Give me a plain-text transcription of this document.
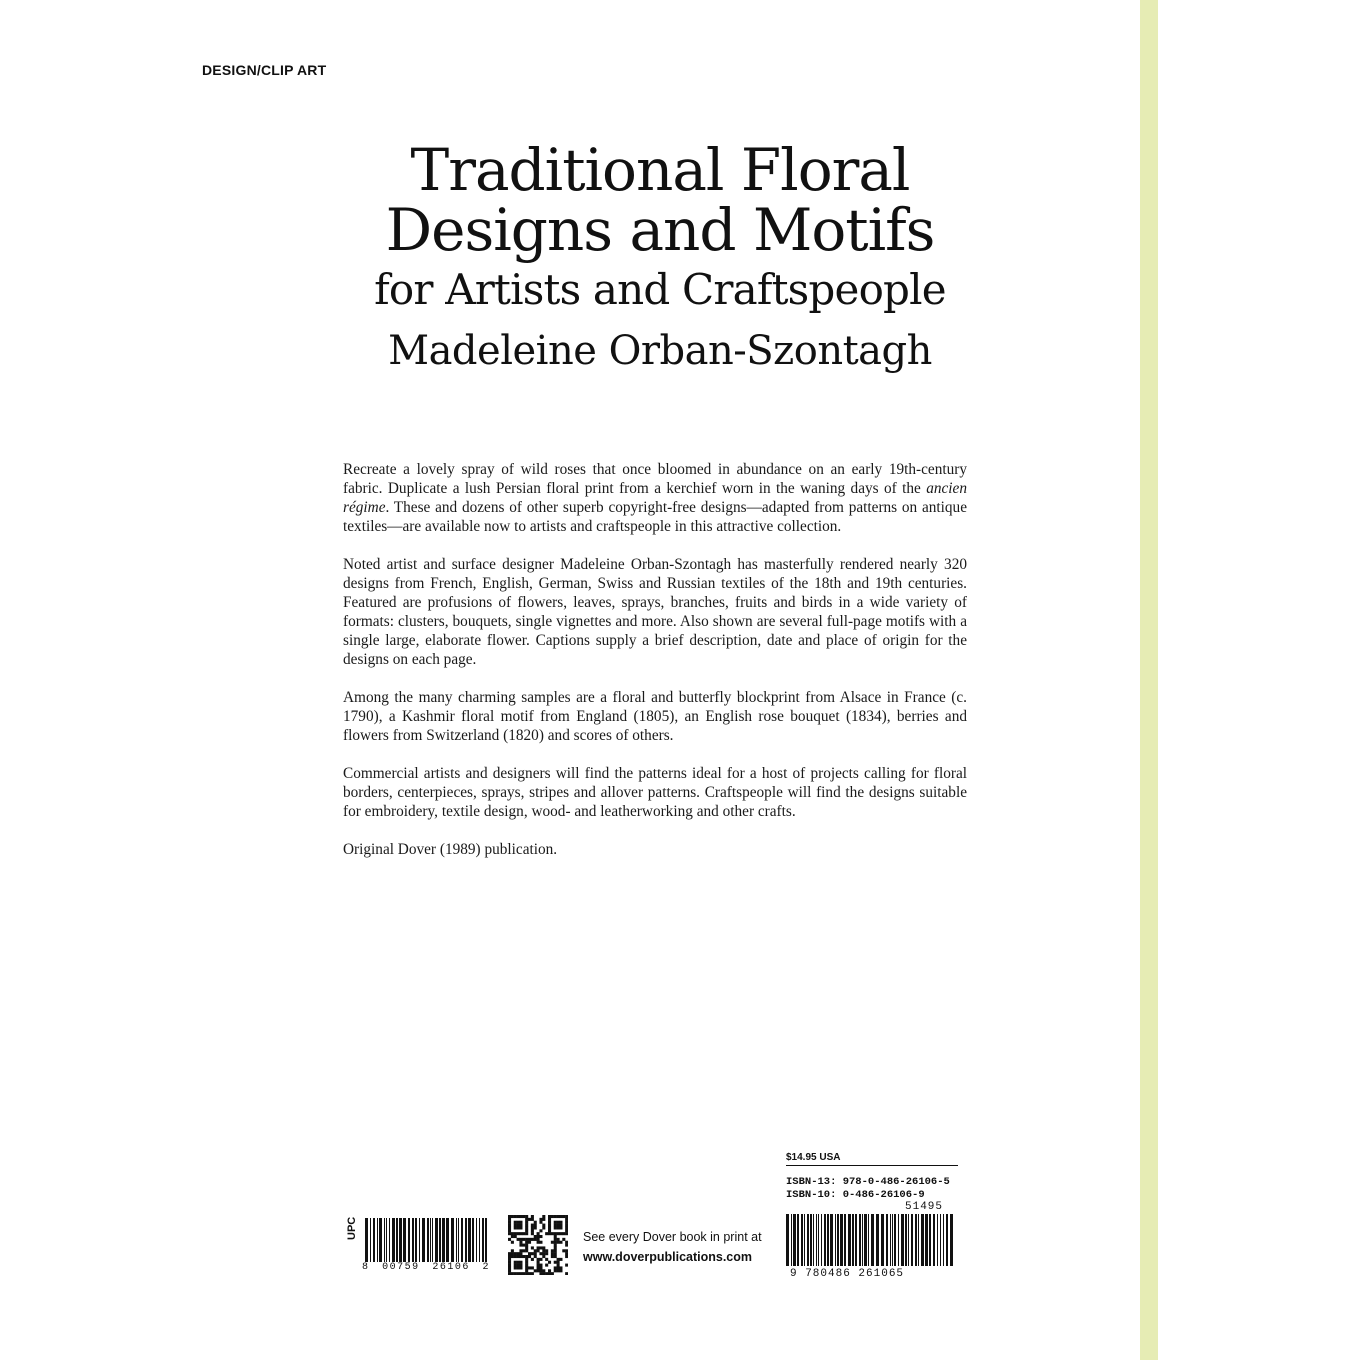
DESIGN/CLIP ART
Traditional Floral
Designs and Motifs
for Artists and Craftspeople
Madeleine Orban-Szontagh

Recreate a lovely spray of wild roses that once bloomed in abundance on an early 19th-century fabric. Duplicate a lush Persian floral print from a kerchief worn in the waning days of the ancien régime. These and dozens of other superb copyright-free designs—adapted from patterns on antique textiles—are available now to artists and craftspeople in this attractive collection.

Noted artist and surface designer Madeleine Orban-Szontagh has masterfully rendered nearly 320 designs from French, English, German, Swiss and Russian textiles of the 18th and 19th centuries. Featured are profusions of flowers, leaves, sprays, branches, fruits and birds in a wide variety of formats: clusters, bouquets, single vignettes and more. Also shown are several full-page motifs with a single large, elaborate flower. Captions supply a brief description, date and place of origin for the designs on each page.

Among the many charming samples are a floral and butterfly blockprint from Alsace in France (c. 1790), a Kashmir floral motif from England (1805), an English rose bouquet (1834), berries and flowers from Switzerland (1820) and scores of others.

Commercial artists and designers will find the patterns ideal for a host of projects calling for floral borders, centerpieces, sprays, stripes and allover patterns. Craftspeople will find the designs suitable for embroidery, textile design, wood- and leatherworking and other crafts.

Original Dover (1989) publication.

$14.95 USA
ISBN-13: 978-0-486-26106-5
ISBN-10: 0-486-26106-9
51495
9 780486 261065
UPC
8 00759 26106 2
See every Dover book in print at
www.doverpublications.com
